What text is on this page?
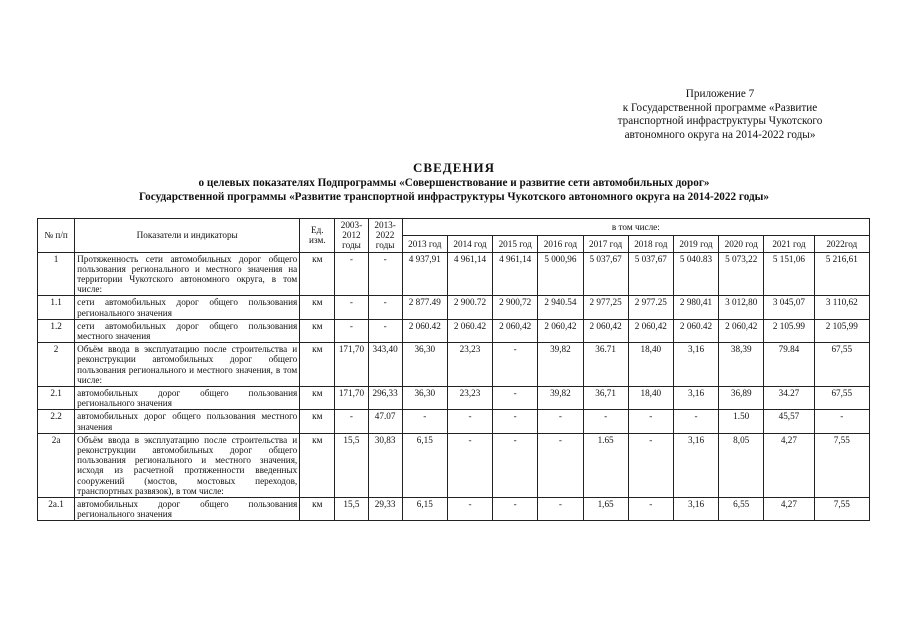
Приложение 7
к Государственной программе «Развитие
транспортной инфраструктуры Чукотского
автономного округа на 2014-2022 годы»
СВЕДЕНИЯ
о целевых показателях Подпрограммы «Совершенствование и развитие сети автомобильных дорог»
Государственной программы «Развитие транспортной инфраструктуры Чукотского автономного округа на 2014-2022 годы»
№ п/п	Показатели и индикаторы	Ед. изм.	2003-2012 годы	2013-2022 годы	в том числе:									
					2013 год	2014 год	2015 год	2016 год	2017 год	2018 год	2019 год	2020 год	2021 год	2022год
1	Протяженность сети автомобильных дорог общего пользования регионального и местного значения на территории Чукотского автономного округа, в том числе:	км	-	-	4 937,91	4 961,14	4 961,14	5 000,96	5 037,67	5 037,67	5 040.83	5 073,22	5 151,06	5 216,61
1.1	сети автомобильных дорог общего пользования регионального значения	км	-	-	2 877.49	2 900.72	2 900,72	2 940.54	2 977,25	2 977.25	2 980,41	3 012,80	3 045,07	3 110,62
1.2	сети автомобильных дорог общего пользования местного значения	км	-	-	2 060.42	2 060.42	2 060,42	2 060,42	2 060,42	2 060,42	2 060.42	2 060,42	2 105.99	2 105,99
2	Объём ввода в эксплуатацию после строительства и реконструкции автомобильных дорог общего пользования регионального и местного значения, в том числе:	км	171,70	343,40	36,30	23,23	-	39,82	36.71	18,40	3,16	38,39	79.84	67,55
2.1	автомобильных дорог общего пользования регионального значения	км	171,70	296,33	36,30	23,23	-	39,82	36,71	18,40	3,16	36,89	34.27	67,55
2.2	автомобильных дорог общего пользования местного значения	км	-	47.07	-	-	-	-	-	-	-	1.50	45,57	-
2а	Объём ввода в эксплуатацию после строительства и реконструкции автомобильных дорог общего пользования регионального и местного значения, исходя из расчетной протяженности введенных сооружений (мостов, мостовых переходов, транспортных развязок), в том числе:	км	15,5	30,83	6,15	-	-	-	1.65	-	3,16	8,05	4,27	7,55
2а.1	автомобильных дорог общего пользования регионального значения	км	15,5	29,33	6,15	-	-	-	1,65	-	3,16	6,55	4,27	7,55
